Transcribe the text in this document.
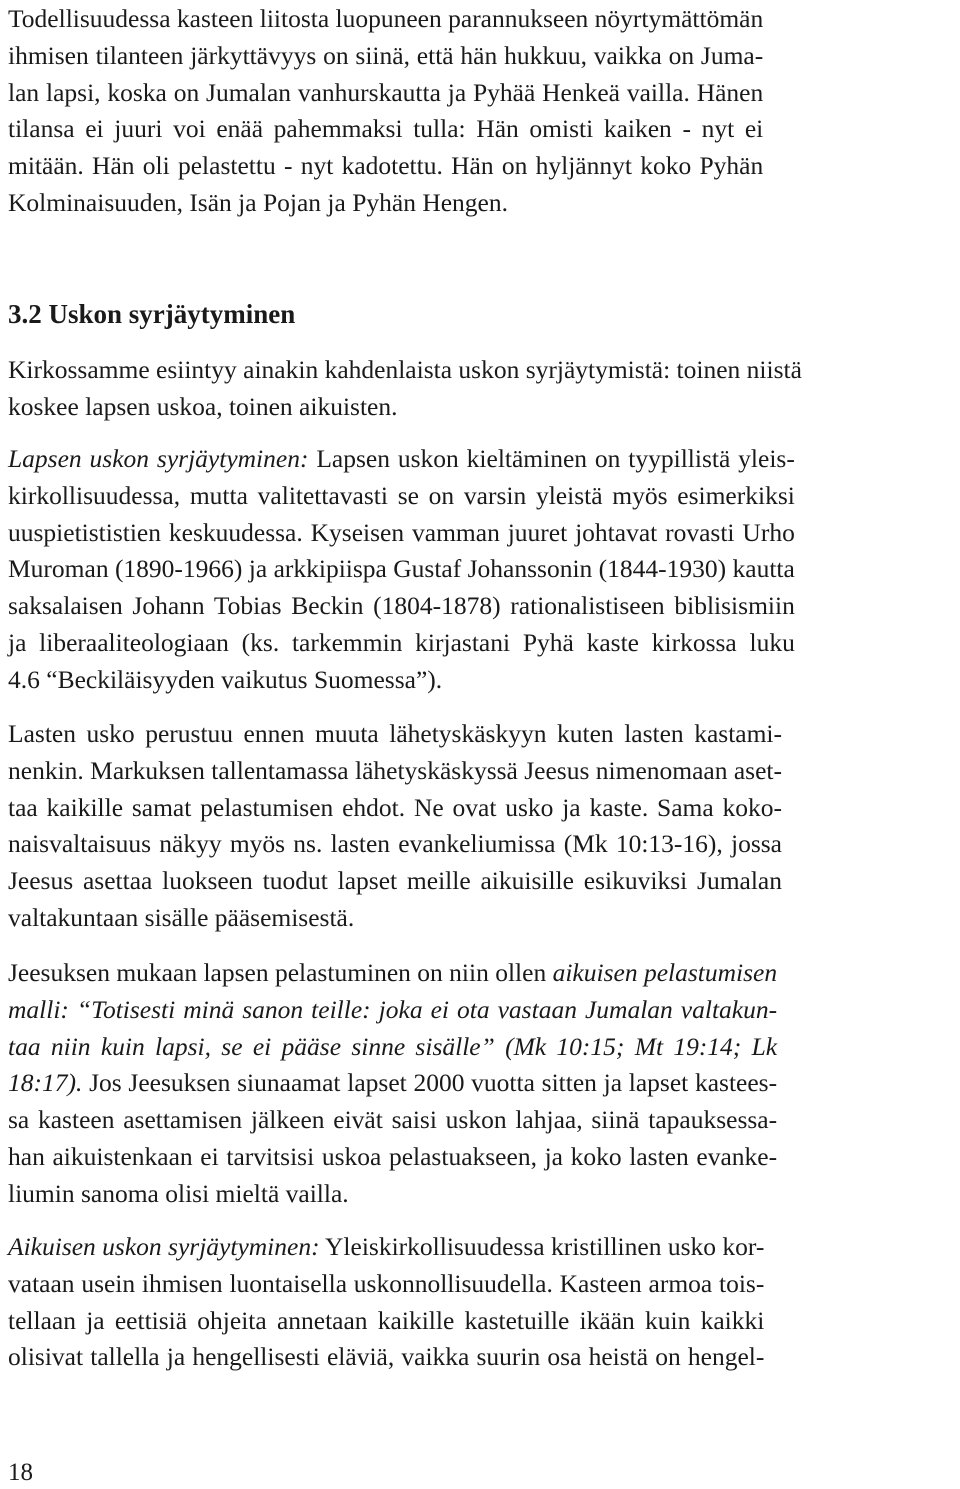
Todellisuudessa kasteen liitosta luopuneen parannukseen nöyrtymättömän
ihmisen tilanteen järkyttävyys on siinä, että hän hukkuu, vaikka on Juma-
lan lapsi, koska on Jumalan vanhurskautta ja Pyhää Henkeä vailla. Hänen
tilansa ei juuri voi enää pahemmaksi tulla: Hän omisti kaiken - nyt ei
mitään. Hän oli pelastettu - nyt kadotettu. Hän on hyljännyt koko Pyhän
Kolminaisuuden, Isän ja Pojan ja Pyhän Hengen.
3.2 Uskon syrjäytyminen
Kirkossamme esiintyy ainakin kahdenlaista uskon syrjäytymistä: toinen niistä
koskee lapsen uskoa, toinen aikuisten.
Lapsen uskon syrjäytyminen: Lapsen uskon kieltäminen on tyypillistä yleis-
kirkollisuudessa, mutta valitettavasti se on varsin yleistä myös esimerkiksi
uuspietististien keskuudessa. Kyseisen vamman juuret johtavat rovasti Urho
Muroman (1890-1966) ja arkkipiispa Gustaf Johanssonin (1844-1930) kautta
saksalaisen Johann Tobias Beckin (1804-1878) rationalistiseen biblisismiin
ja liberaaliteologiaan (ks. tarkemmin kirjastani Pyhä kaste kirkossa luku
4.6 “Beckiläisyyden vaikutus Suomessa”).
Lasten usko perustuu ennen muuta lähetyskäskyyn kuten lasten kastami-
nenkin. Markuksen tallentamassa lähetyskäskyssä Jeesus nimenomaan aset-
taa kaikille samat pelastumisen ehdot. Ne ovat usko ja kaste. Sama koko-
naisvaltaisuus näkyy myös ns. lasten evankeliumissa (Mk 10:13-16), jossa
Jeesus asettaa luokseen tuodut lapset meille aikuisille esikuviksi Jumalan
valtakuntaan sisälle pääsemisestä.
Jeesuksen mukaan lapsen pelastuminen on niin ollen aikuisen pelastumisen
malli: “Totisesti minä sanon teille: joka ei ota vastaan Jumalan valtakun-
taa niin kuin lapsi, se ei pääse sinne sisälle” (Mk 10:15; Mt 19:14; Lk
18:17). Jos Jeesuksen siunaamat lapset 2000 vuotta sitten ja lapset kastees-
sa kasteen asettamisen jälkeen eivät saisi uskon lahjaa, siinä tapauksessa-
han aikuistenkaan ei tarvitsisi uskoa pelastuakseen, ja koko lasten evanke-
liumin sanoma olisi mieltä vailla.
Aikuisen uskon syrjäytyminen: Yleiskirkollisuudessa kristillinen usko kor-
vataan usein ihmisen luontaisella uskonnollisuudella. Kasteen armoa tois-
tellaan ja eettisiä ohjeita annetaan kaikille kastetuille ikään kuin kaikki
olisivat tallella ja hengellisesti eläviä, vaikka suurin osa heistä on hengel-
18
